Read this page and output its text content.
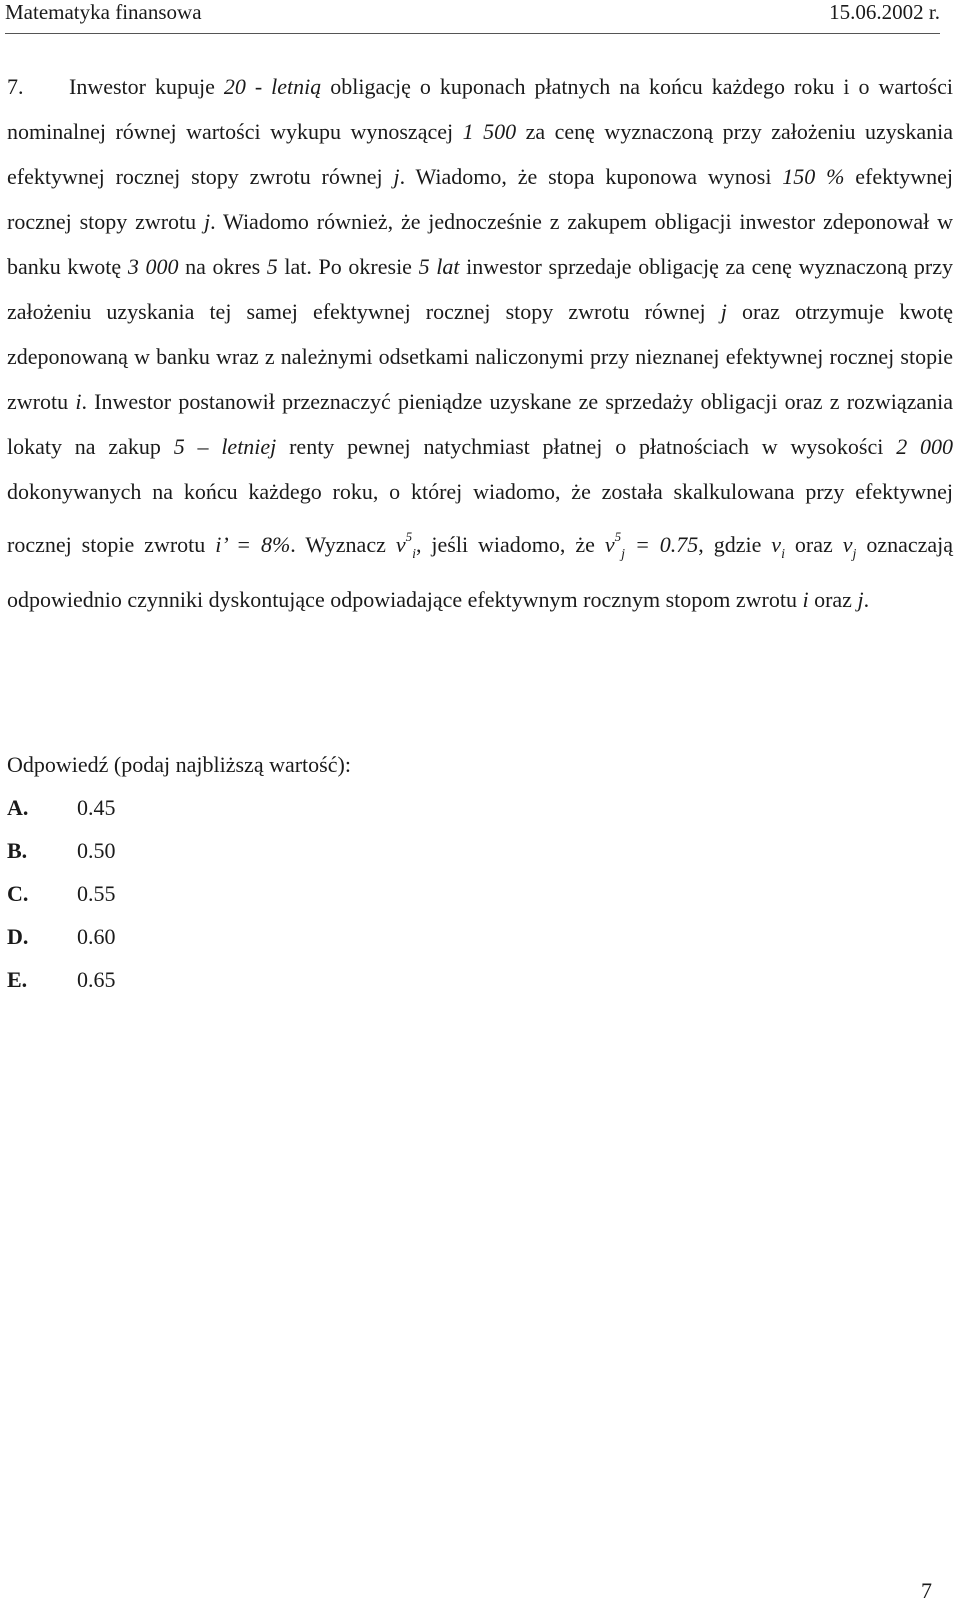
Matematyka finansowa	15.06.2002 r.
7. Inwestor kupuje 20 - letnią obligację o kuponach płatnych na końcu każdego roku i o wartości nominalnej równej wartości wykupu wynoszącej 1 500 za cenę wyznaczoną przy założeniu uzyskania efektywnej rocznej stopy zwrotu równej j. Wiadomo, że stopa kuponowa wynosi 150 % efektywnej rocznej stopy zwrotu j. Wiadomo również, że jednocześnie z zakupem obligacji inwestor zdeponował w banku kwotę 3 000 na okres 5 lat. Po okresie 5 lat inwestor sprzedaje obligację za cenę wyznaczoną przy założeniu uzyskania tej samej efektywnej rocznej stopy zwrotu równej j oraz otrzymuje kwotę zdeponowaną w banku wraz z należnymi odsetkami naliczonymi przy nieznanej efektywnej rocznej stopie zwrotu i. Inwestor postanowił przeznaczyć pieniądze uzyskane ze sprzedaży obligacji oraz z rozwiązania lokaty na zakup 5 – letniej renty pewnej natychmiast płatnej o płatnościach w wysokości 2 000 dokonywanych na końcu każdego roku, o której wiadomo, że została skalkulowana przy efektywnej rocznej stopie zwrotu i’ = 8%. Wyznacz $v^5_i$, jeśli wiadomo, że $v^5_j = 0.75$, gdzie $v_i$ oraz $v_j$ oznaczają odpowiednio czynniki dyskontujące odpowiadające efektywnym rocznym stopom zwrotu i oraz j.
Odpowiedź (podaj najbliższą wartość):
A. 0.45
B. 0.50
C. 0.55
D. 0.60
E. 0.65
7
